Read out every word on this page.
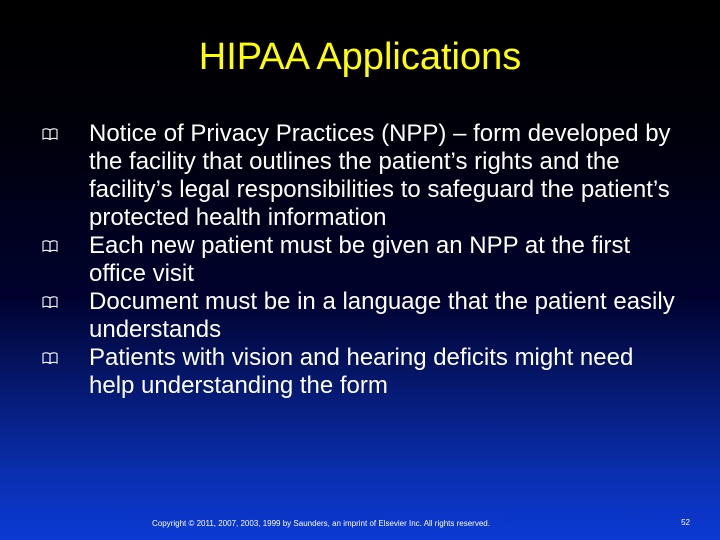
HIPAA Applications
Notice of Privacy Practices (NPP) – form developed by the facility that outlines the patient’s rights and the facility’s legal responsibilities to safeguard the patient’s protected health information
Each new patient must be given an NPP at the first office visit
Document must be in a language that the patient easily understands
Patients with vision and hearing deficits might need help understanding the form
Copyright © 2011, 2007, 2003, 1999 by Saunders, an imprint of Elsevier Inc. All rights reserved.	52
